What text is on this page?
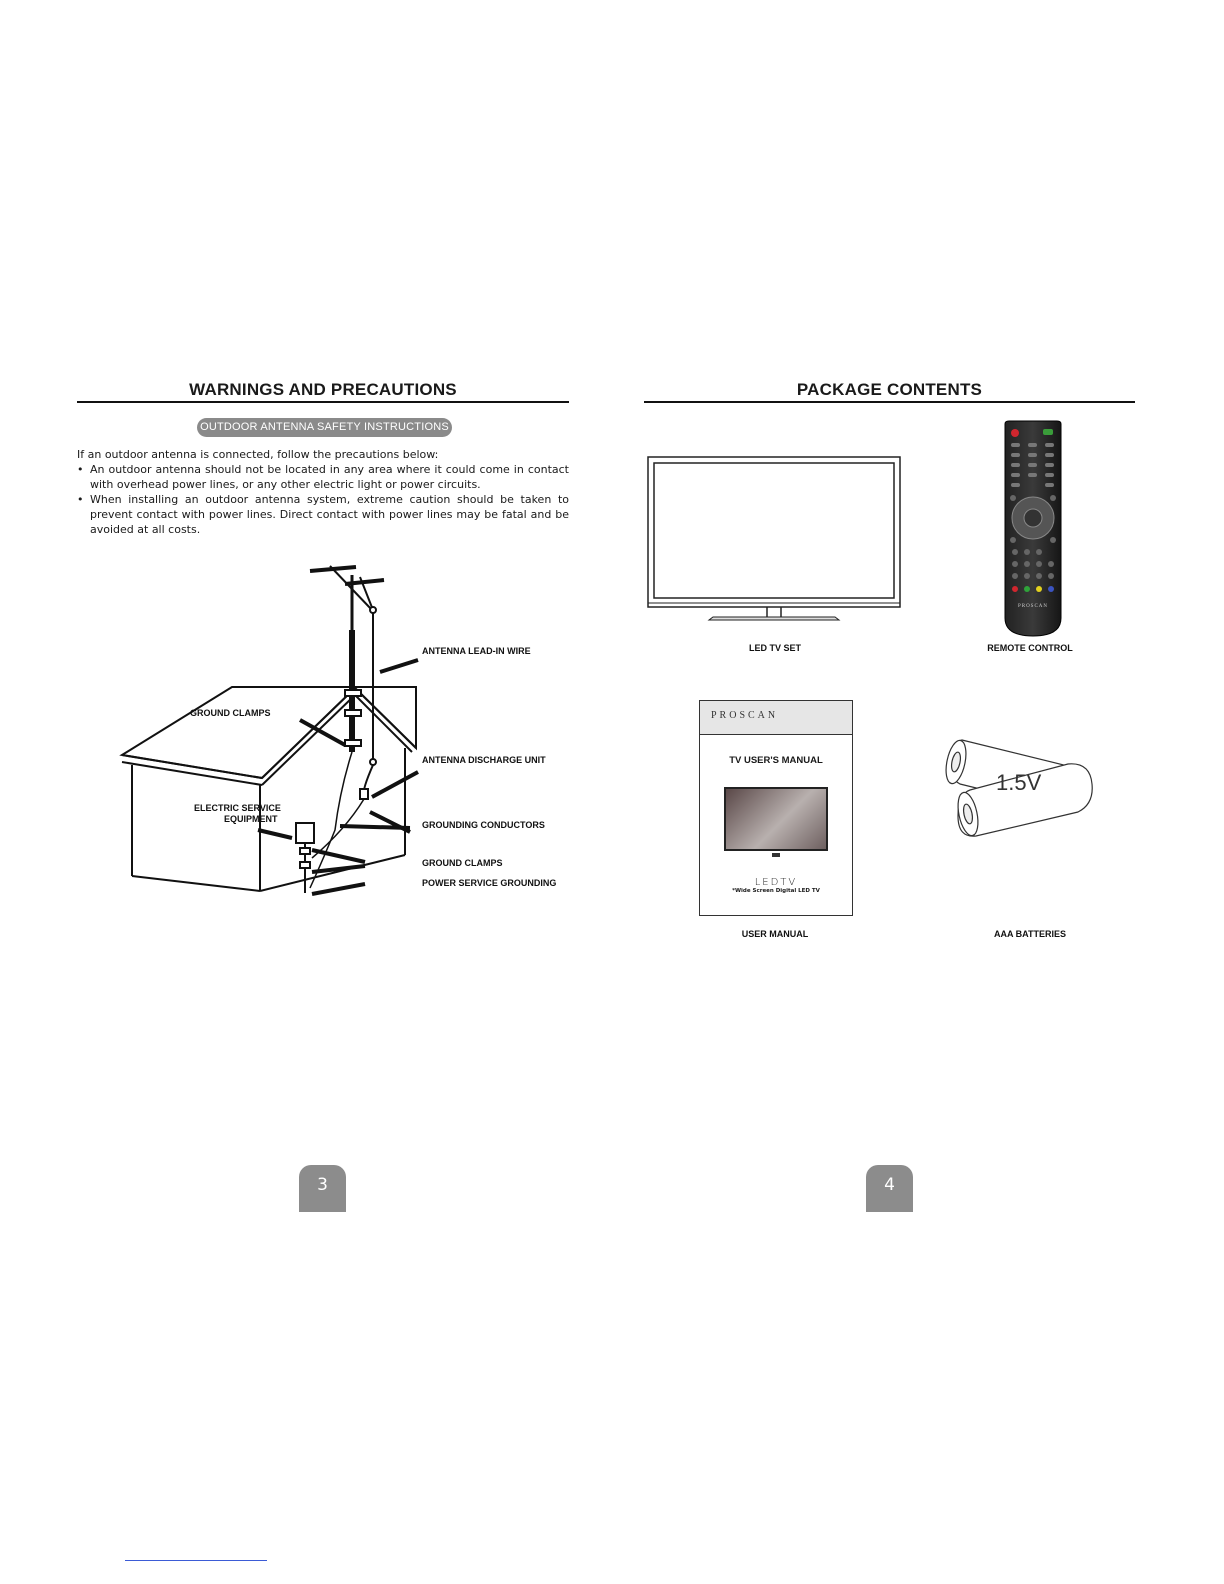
WARNINGS AND PRECAUTIONS
OUTDOOR ANTENNA SAFETY INSTRUCTIONS
If an outdoor antenna is connected, follow the precautions below:
• An outdoor antenna should not be located in any area where it could come in contact with overhead power lines, or any other electric light or power circuits.
• When installing an outdoor antenna system, extreme caution should be taken to prevent contact with power lines. Direct contact with power lines may be fatal and be avoided at all costs.
ANTENNA LEAD-IN WIRE
GROUND CLAMPS
ANTENNA DISCHARGE UNIT
ELECTRIC SERVICE
EQUIPMENT
GROUNDING CONDUCTORS
GROUND CLAMPS
POWER SERVICE GROUNDING
3
PACKAGE CONTENTS
LED TV SET
PROSCAN
REMOTE CONTROL
PROSCAN
TV USER'S MANUAL
LEDTV
*Wide Screen Digital LED TV
USER MANUAL
1.5V
AAA BATTERIES
4
